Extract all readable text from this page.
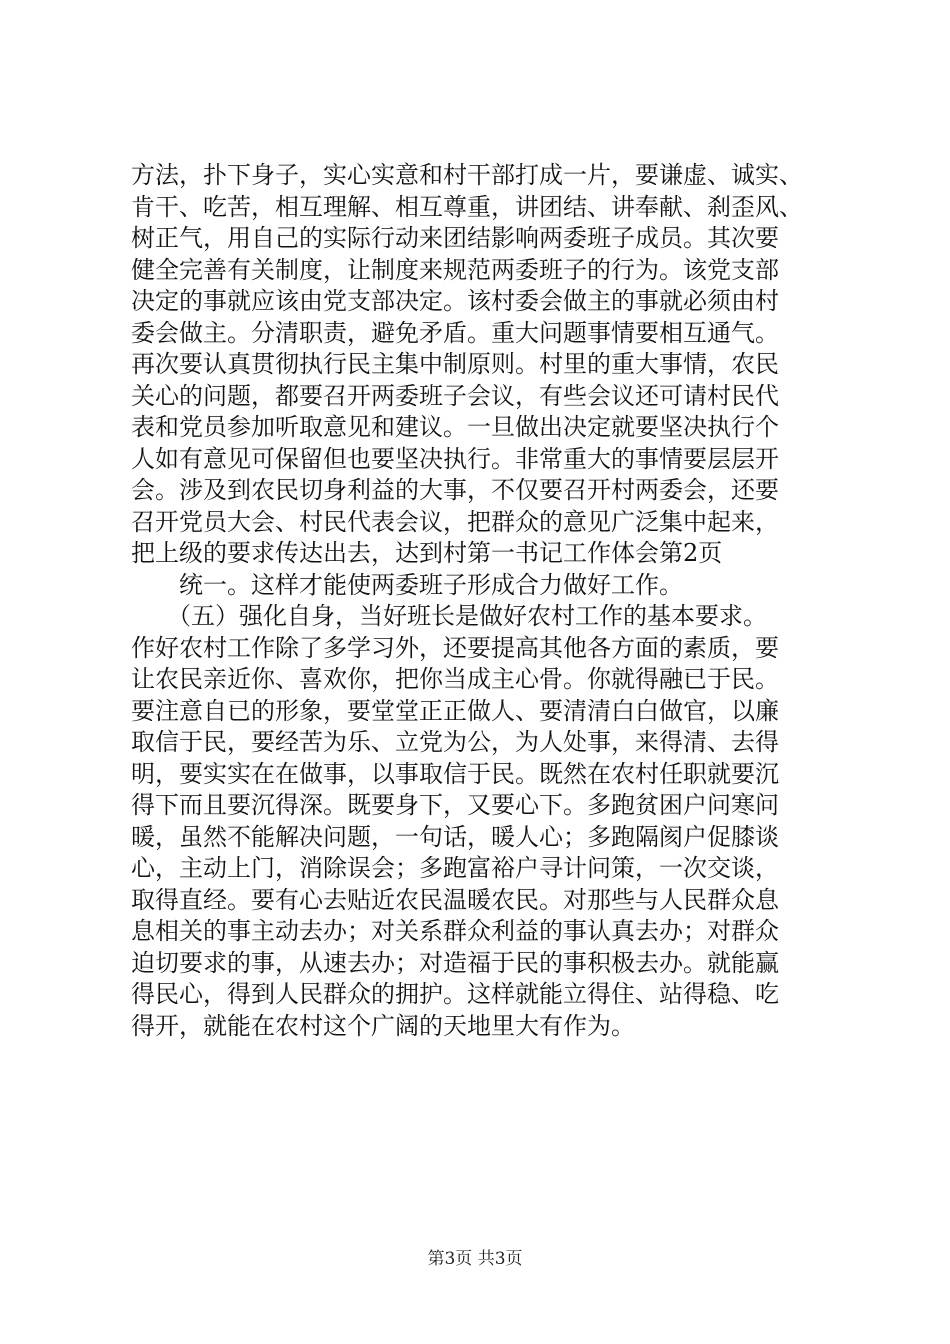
方法，扑下身子，实心实意和村干部打成一片，要谦虚、诚实、
肯干、吃苦，相互理解、相互尊重，讲团结、讲奉献、刹歪风、
树正气，用自己的实际行动来团结影响两委班子成员。其次要
健全完善有关制度，让制度来规范两委班子的行为。该党支部
决定的事就应该由党支部决定。该村委会做主的事就必须由村
委会做主。分清职责，避免矛盾。重大问题事情要相互通气。
再次要认真贯彻执行民主集中制原则。村里的重大事情，农民
关心的问题，都要召开两委班子会议，有些会议还可请村民代
表和党员参加听取意见和建议。一旦做出决定就要坚决执行个
人如有意见可保留但也要坚决执行。非常重大的事情要层层开
会。涉及到农民切身利益的大事，不仅要召开村两委会，还要
召开党员大会、村民代表会议，把群众的意见广泛集中起来，
把上级的要求传达出去，达到村第一书记工作体会第2页

　　统一。这样才能使两委班子形成合力做好工作。

　　（五）强化自身，当好班长是做好农村工作的基本要求。
作好农村工作除了多学习外，还要提高其他各方面的素质，要
让农民亲近你、喜欢你，把你当成主心骨。你就得融已于民。
要注意自已的形象，要堂堂正正做人、要清清白白做官，以廉
取信于民，要经苦为乐、立党为公，为人处事，来得清、去得
明，要实实在在做事，以事取信于民。既然在农村任职就要沉
得下而且要沉得深。既要身下，又要心下。多跑贫困户问寒问
暖，虽然不能解决问题，一句话，暖人心；多跑隔阂户促膝谈
心，主动上门，消除误会；多跑富裕户寻计问策，一次交谈，
取得直经。要有心去贴近农民温暖农民。对那些与人民群众息
息相关的事主动去办；对关系群众利益的事认真去办；对群众
迫切要求的事，从速去办；对造福于民的事积极去办。就能赢
得民心，得到人民群众的拥护。这样就能立得住、站得稳、吃
得开，就能在农村这个广阔的天地里大有作为。

第3页 共3页
